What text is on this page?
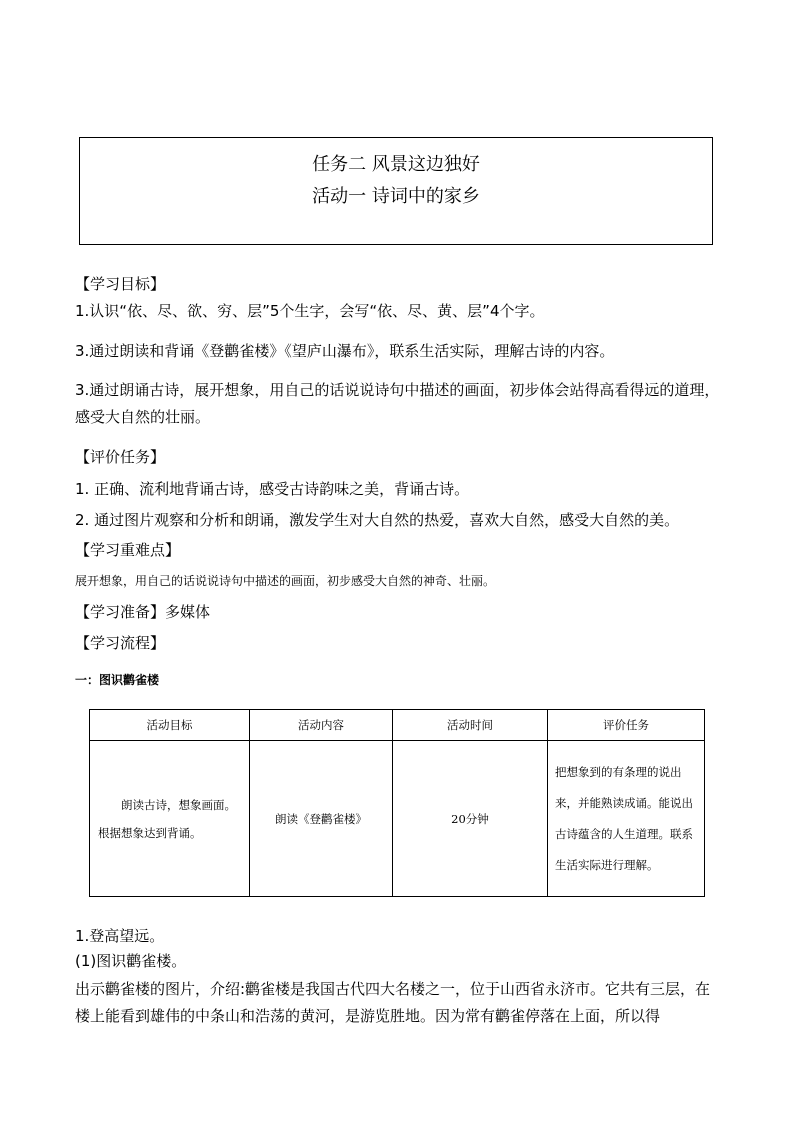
任务二 风景这边独好
活动一 诗词中的家乡
【学习目标】
1.认识“依、尽、欲、穷、层”5个生字，会写“依、尽、黄、层”4个字。
3.通过朗读和背诵《登鹳雀楼》《望庐山瀑布》，联系生活实际，理解古诗的内容。
3.通过朗诵古诗，展开想象，用自己的话说说诗句中描述的画面，初步体会站得高看得远的道理，感受大自然的壮丽。
【评价任务】
1. 正确、流利地背诵古诗，感受古诗韵味之美，背诵古诗。
2. 通过图片观察和分析和朗诵，激发学生对大自然的热爱，喜欢大自然，感受大自然的美。
【学习重难点】
展开想象，用自己的话说说诗句中描述的画面，初步感受大自然的神奇、壮丽。
【学习准备】多媒体
【学习流程】
一：图识鹳雀楼
活动目标	活动内容	活动时间	评价任务

朗读古诗，想象画面。根据想象达到背诵。	朗读《登鹳雀楼》	20分钟	把想象到的有条理的说出来，并能熟读成诵。能说出古诗蕴含的人生道理。联系生活实际进行理解。
1.登高望远。
(1)图识鹳雀楼。
出示鹳雀楼的图片，介绍:鹳雀楼是我国古代四大名楼之一，位于山西省永济市。它共有三层，在楼上能看到雄伟的中条山和浩荡的黄河，是游览胜地。因为常有鹳雀停落在上面，所以得
